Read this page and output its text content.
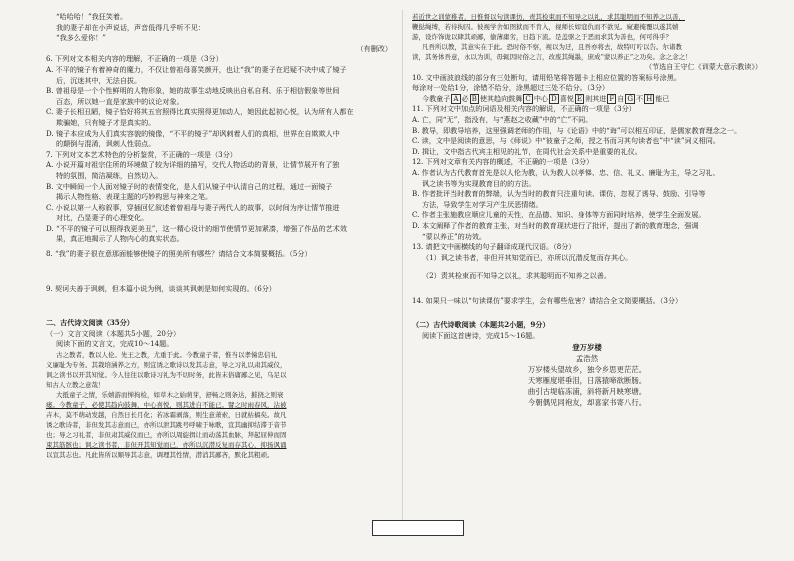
“哈哈哈！”我狂笑着。
我的妻子却在小声说话，声音低得几乎听不见：
“我多么爱你！”
（有删改）
6. 下列对文本相关内容的理解，不正确的一项是（3分）
A. 不平的镜子有着神奇的魔力，不仅让曾祖母喜笑颜开，也让“我”的妻子在迟疑不决中成了镜子
后，沉迷其中，无法自拔。
B. 曾祖母是一个个性鲜明的人物形象，她的故事生动地反映出自私自利、乐于相信假象等世间
百态，所以她一直是家族中的议论对象。
C. 妻子长相丑陋，镜子恰好将其五官照得比真实照得更加动人，她因此起初心悦，认为所有人都在
欺骗她，只有镜子才是真实的。
D. 镜子本应成为人们真实容貌的镜像，“不平的镜子”却讽刺着人们的真相，世界在自欺欺人中
的颠倒与混淆，讽刺人性弱点。
7. 下列对文本艺术特色的分析鉴赏，不正确的一项是（3分）
A. 小说开篇对祖宗住所的环境做了较为详细的描写，交代人物活动的背景，让情节展开有了独
特的氛围，简洁凝练，自然切入。
B. 文中瞬间一个人面对镜子时的表情变化，是人们从镜子中认清自己的过程，通过一面镜子
揭示人物性格、表现主题的巧妙构思与神来之笔。
C. 小说以第一人称叙事，穿插回忆叙述着曾祖母与妻子两代人的故事，以时间为序让情节推进
对比，凸显妻子的心理变化。
D. “不平的镜子可以照得我更美丑”，这一精心设计的细节使情节更加紧凑，增强了作品的艺术效
果，真正地揭示了人物内心的真实状态。
8. “我”的妻子很在意那面能够使镜子的照美所有哪些？请结合文本简要概括。（5分）
9. 契诃夫善于讽刺，但本篇小说为例，谈谈其讽刺是如何实现的。（6分）
二、古代诗文阅读（35分）
（一）文言文阅读（本题共5小题，20分）
阅读下面的文言文，完成10～14题。
古之教者，教以人伦。先王之教，尤重于此。今教童子者，惟当以孝悌忠信礼
义廉耻为专务。其栽培涵养之方，则宜诱之歌诗以发其志意，导之习礼以肃其威仪，
讽之读书以开其知觉。今人往往以歌诗习礼为不切时务，此皆末俗庸鄙之见，乌足以
知古人立教之意哉！
大抵童子之情，乐嬉游而惮拘检，如草木之始萌芽，舒畅之则条达，摧挠之则衰
痿。今教童子，必使其趋向鼓舞，中心喜悦，则其进自不能已。譬之时雨春风，沾被
卉木，莫不萌动发越，自然日长月化；若冰霜剥落，则生意萧索，日就枯槁矣。故凡
诱之歌诗者，非但发其志意而已，亦所以泄其跳号呼啸于咏歌，宣其幽抑结滞于音节
也；导之习礼者，非但肃其威仪而已，亦所以周旋揖让而动荡其血脉，拜起屈伸而固
束其筋骸也；讽之读书者，非但开其知觉而已，亦所以沉潜反复而存其心，抑扬讽诵
以宣其志也。凡此皆所以顺导其志意，调理其性情，潜消其鄙吝，默化其粗顽。
若近世之训蒙稚者，日惟督以句读课仿，责其检束而不知导之以礼，求其聪明而不知养之以善，
鞭挞绳缚，若待拘囚。彼视学舍如囹狱而不肯入，视师长如寇仇而不欲见。窥避掩覆以遂其嬉
游，设诈饰诡以肆其顽鄙，偷薄庸劣，日趋下流。是盖驱之于恶而求其为善也，何可得乎？
凡吾所以教，其意实在于此。恐时俗不察，视以为迂，且吾亦将去，故特叮咛以告。尔诸教
读，其务体吾意，永以为训，毋辄因时俗之言，改废其绳墨，庶成“蒙以养正”之功矣。念之念之！
（节选自王守仁《训蒙大意示教读》）
10. 文中画波浪线的部分有三处断句，请用铅笔将答题卡上相应位置的答案标号涂黑。
每涂对一处给1分，涂错不给分，涂黑超过三处不给分。（3分）
今教童子 A 必 B 使其趋向鼓舞 C 中心 D 喜悦 E 则其进 F 自 G 不 H 能已
11. 下列对文中加点的词语及相关内容的解说，不正确的一项是（3分）
A. 亡，同“无”，指没有，与“燕赵之收藏”中的“亡”不同。
B. 教导，即教导培养，这里强调老师的作用，与《论语》中的“诲”可以相互印证，是儒家教育理念之一。
C. 读，文中是阅读的意思，与《师说》中“彼童子之师，授之书而习其句读者也”中“读”词义相同。
D. 揖让，文中指古代宾主相见的礼节，在周代社会关系中是重要的礼仪。
12. 下列对文章有关内容的概述，不正确的一项是（3分）
A. 作者认为古代教育首先是以人伦为教，认为教人以孝悌、忠、信、礼义、廉耻为主，导之习礼、
讽之读书等为实现教育目的的方法。
B. 作者批评当时教育的弊端，认为当时的教育只注重句读、课仿，忽视了诱导、鼓励、引导等
方法，导致学生对学习产生厌恶情绪。
C. 作者主张施教应顺应儿童的天性，在品德、知识、身体等方面同时培养，使学生全面发展。
D. 本文阐释了作者的教育主张，对当时的教育现状进行了批评，提出了新的教育理念，强调
“蒙以养正”的功效。
13. 请把文中画横线的句子翻译成现代汉语。（8分）
（1）讽之读书者，非但开其知觉而已，亦所以沉潜反复而存其心。
（2）责其检束而不知导之以礼，求其聪明而不知养之以善。
14. 如果只一味以“句读课仿”要求学生，会有哪些危害？请结合全文简要概括。（3分）
（二）古代诗歌阅读（本题共2小题，9分）
阅读下面这首唐诗，完成15～16题。
登万岁楼
孟浩然
万岁楼头望故乡，独令乡思更茫茫。
天寒雁度堪垂泪，日落猿啼欲断肠。
曲引古堤临冻浦，斜将新月映寒塘。
今朝偶见同袍友，却喜家书寄八行。
